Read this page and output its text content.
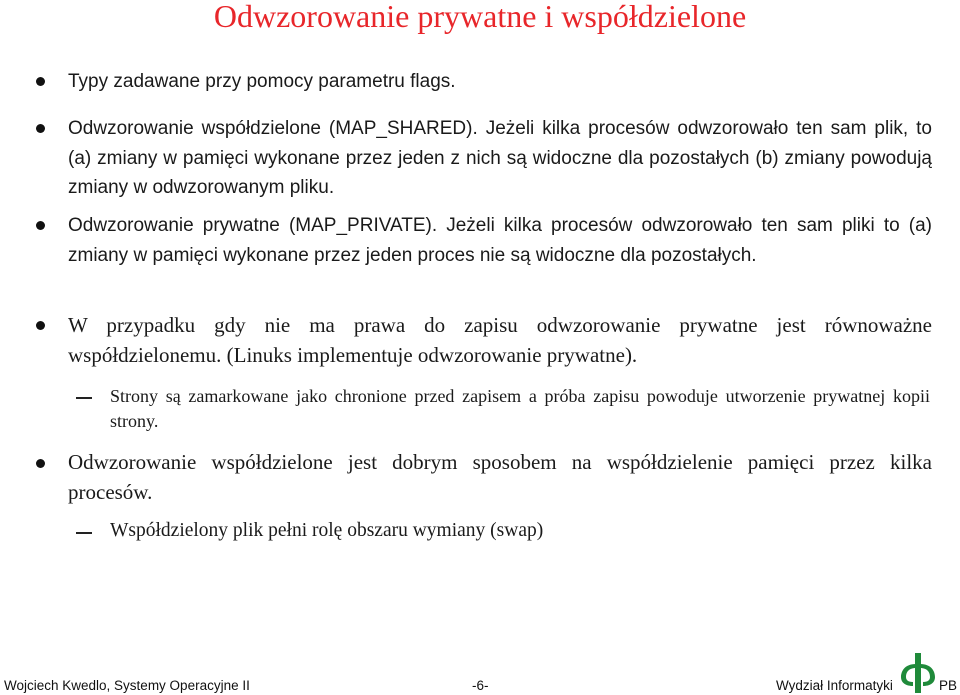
Odwzorowanie prywatne i współdzielone
Typy zadawane przy pomocy parametru flags.
Odwzorowanie współdzielone (MAP_SHARED). Jeżeli kilka procesów odwzorowało ten sam plik, to (a) zmiany w pamięci wykonane przez jeden z nich są widoczne dla pozostałych (b) zmiany powodują zmiany w odwzorowanym pliku.
Odwzorowanie prywatne (MAP_PRIVATE). Jeżeli kilka procesów odwzorowało ten sam pliki to (a) zmiany w pamięci wykonane przez jeden proces nie są widoczne dla pozostałych.
W przypadku gdy nie ma prawa do zapisu odwzorowanie prywatne jest równoważne współdzielonemu. (Linuks implementuje odwzorowanie prywatne).
Strony są zamarkowane jako chronione przed zapisem a próba zapisu powoduje utworzenie prywatnej kopii strony.
Odwzorowanie współdzielone jest dobrym sposobem na współdzielenie pamięci przez kilka procesów.
Współdzielony plik pełni rolę obszaru wymiany (swap)
Wojciech Kwedlo, Systemy Operacyjne II	-6-	Wydział Informatyki	PB
